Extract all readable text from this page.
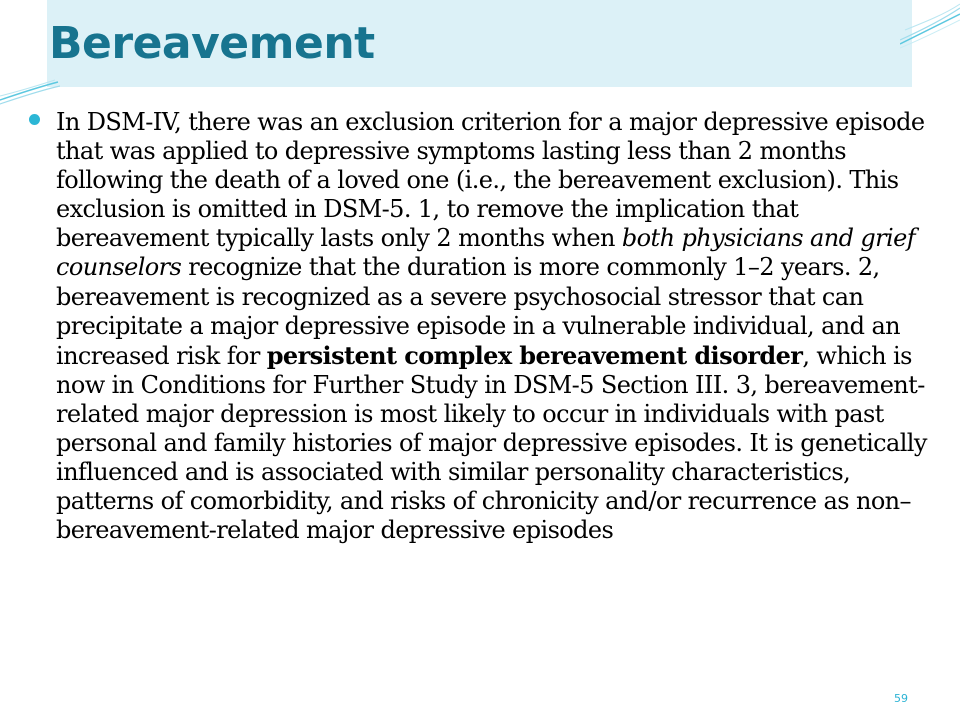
Bereavement

In DSM-IV, there was an exclusion criterion for a major depressive episode that was applied to depressive symptoms lasting less than 2 months following the death of a loved one (i.e., the bereavement exclusion). This exclusion is omitted in DSM-5. 1, to remove the implication that bereavement typically lasts only 2 months when both physicians and grief counselors recognize that the duration is more commonly 1–2 years. 2, bereavement is recognized as a severe psychosocial stressor that can precipitate a major depressive episode in a vulnerable individual, and an increased risk for persistent complex bereavement disorder, which is now in Conditions for Further Study in DSM-5 Section III. 3, bereavement-related major depression is most likely to occur in individuals with past personal and family histories of major depressive episodes. It is genetically influenced and is associated with similar personality characteristics, patterns of comorbidity, and risks of chronicity and/or recurrence as non–bereavement-related major depressive episodes

59
